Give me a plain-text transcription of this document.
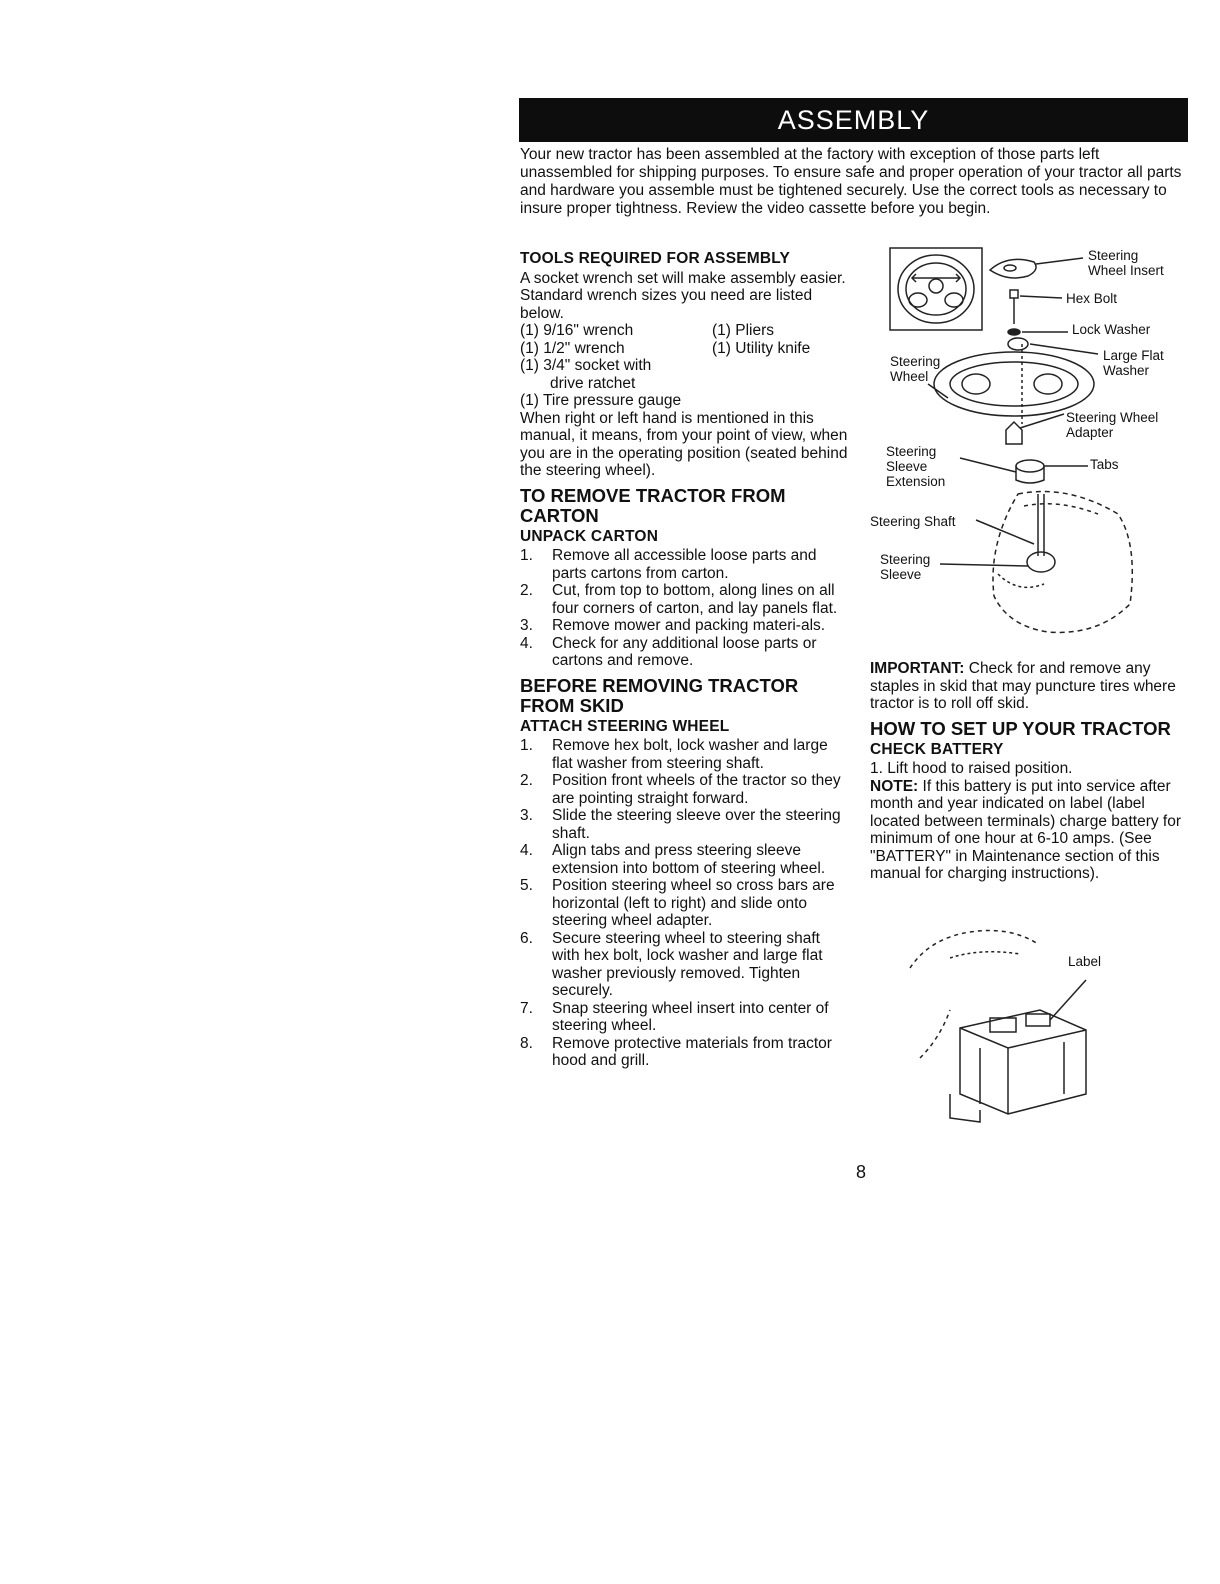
ASSEMBLY

Your new tractor has been assembled at the factory with exception of those parts left unassembled for shipping purposes. To ensure safe and proper operation of your tractor all parts and hardware you assemble must be tightened securely. Use the correct tools as necessary to insure proper tightness. Review the video cassette before you begin.

TOOLS REQUIRED FOR ASSEMBLY

A socket wrench set will make assembly easier. Standard wrench sizes you need are listed below.

(1) 9/16" wrench	(1) Pliers
(1) 1/2" wrench	(1) Utility knife
(1) 3/4" socket with
drive ratchet

(1) Tire pressure gauge

When right or left hand is mentioned in this manual, it means, from your point of view, when you are in the operating position (seated behind the steering wheel).

TO REMOVE TRACTOR FROM CARTON
UNPACK CARTON
1.	Remove all accessible loose parts and parts cartons from carton.
2.	Cut, from top to bottom, along lines on all four corners of carton, and lay panels flat.
3.	Remove mower and packing materi-als.
4.	Check for any additional loose parts or cartons and remove.
BEFORE REMOVING TRACTOR FROM SKID
ATTACH STEERING WHEEL
1.	Remove hex bolt, lock washer and large flat washer from steering shaft.
2.	Position front wheels of the tractor so they are pointing straight forward.
3.	Slide the steering sleeve over the steering shaft.
4.	Align tabs and press steering sleeve extension into bottom of steering wheel.
5.	Position steering wheel so cross bars are horizontal (left to right) and slide onto steering wheel adapter.
6.	Secure steering wheel to steering shaft with hex bolt, lock washer and large flat washer previously removed. Tighten securely.
7.	Snap steering wheel insert into center of steering wheel.
8.	Remove protective materials from tractor hood and grill.
Steering
Wheel Insert
Hex Bolt
Lock Washer
Large Flat
Washer
Steering
Wheel
Steering Wheel
Adapter
Steering
Sleeve
Extension
Tabs
Steering Shaft
Steering
Sleeve

IMPORTANT: Check for and remove any staples in skid that may puncture tires where tractor is to roll off skid.

HOW TO SET UP YOUR TRACTOR
CHECK BATTERY

1. Lift hood to raised position.

NOTE: If this battery is put into service after month and year indicated on label (label located between terminals) charge battery for minimum of one hour at 6-10 amps. (See "BATTERY" in Maintenance section of this manual for charging instructions).

Label
8
